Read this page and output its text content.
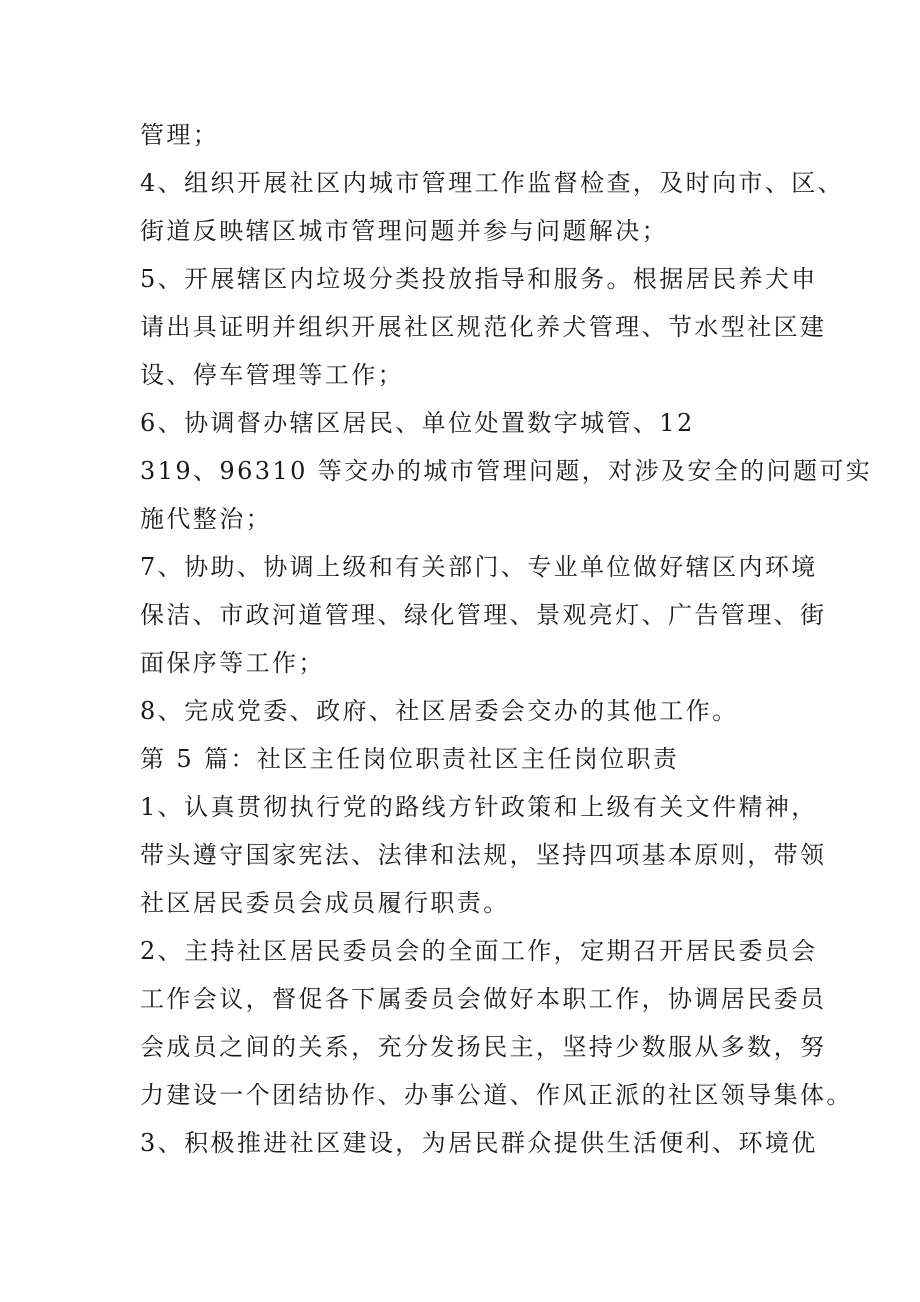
管理；
4、组织开展社区内城市管理工作监督检查，及时向市、区、
街道反映辖区城市管理问题并参与问题解决；
5、开展辖区内垃圾分类投放指导和服务。根据居民养犬申
请出具证明并组织开展社区规范化养犬管理、节水型社区建
设、停车管理等工作；
6、协调督办辖区居民、单位处置数字城管、12
319、96310 等交办的城市管理问题，对涉及安全的问题可实
施代整治；
7、协助、协调上级和有关部门、专业单位做好辖区内环境
保洁、市政河道管理、绿化管理、景观亮灯、广告管理、街
面保序等工作；
8、完成党委、政府、社区居委会交办的其他工作。
第 5 篇：社区主任岗位职责社区主任岗位职责
1、认真贯彻执行党的路线方针政策和上级有关文件精神，
带头遵守国家宪法、法律和法规，坚持四项基本原则，带领
社区居民委员会成员履行职责。
2、主持社区居民委员会的全面工作，定期召开居民委员会
工作会议，督促各下属委员会做好本职工作，协调居民委员
会成员之间的关系，充分发扬民主，坚持少数服从多数，努
力建设一个团结协作、办事公道、作风正派的社区领导集体。
3、积极推进社区建设，为居民群众提供生活便利、环境优
